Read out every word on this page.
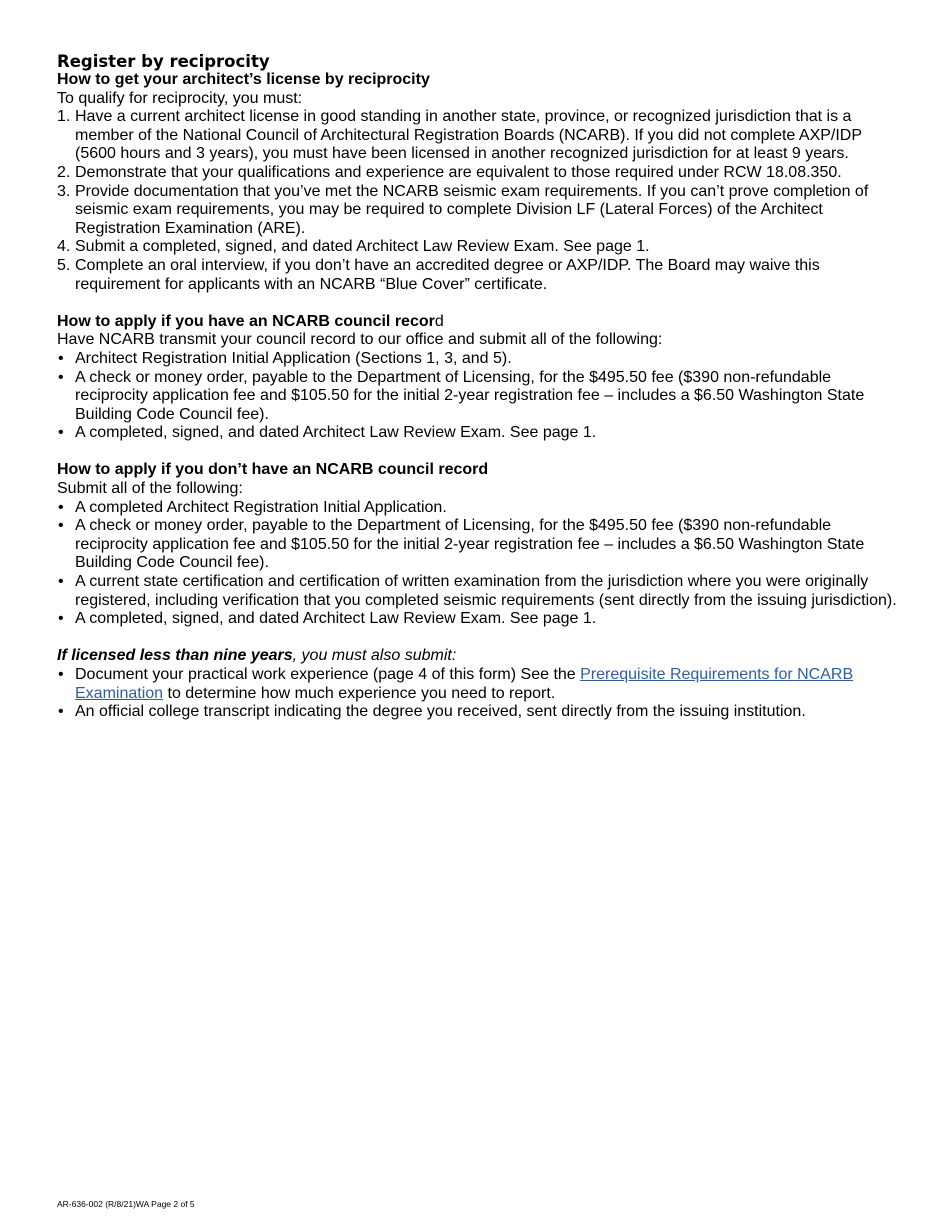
Register by reciprocity
How to get your architect’s license by reciprocity

To qualify for reciprocity, you must:

1. Have a current architect license in good standing in another state, province, or recognized jurisdiction that is a member of the National Council of Architectural Registration Boards (NCARB). If you did not complete AXP/IDP (5600 hours and 3 years), you must have been licensed in another recognized jurisdiction for at least 9 years.
2. Demonstrate that your qualifications and experience are equivalent to those required under RCW 18.08.350.
3. Provide documentation that you’ve met the NCARB seismic exam requirements. If you can’t prove completion of seismic exam requirements, you may be required to complete Division LF (Lateral Forces) of the Architect Registration Examination (ARE).
4. Submit a completed, signed, and dated Architect Law Review Exam. See page 1.
5. Complete an oral interview, if you don’t have an accredited degree or AXP/IDP. The Board may waive this requirement for applicants with an NCARB “Blue Cover” certificate.
How to apply if you have an NCARB council record

Have NCARB transmit your council record to our office and submit all of the following:

• Architect Registration Initial Application (Sections 1, 3, and 5).
• A check or money order, payable to the Department of Licensing, for the $495.50 fee ($390 non-refundable reciprocity application fee and $105.50 for the initial 2-year registration fee – includes a $6.50 Washington State Building Code Council fee).
• A completed, signed, and dated Architect Law Review Exam. See page 1.
How to apply if you don’t have an NCARB council record

Submit all of the following:

• A completed Architect Registration Initial Application.
• A check or money order, payable to the Department of Licensing, for the $495.50 fee ($390 non-refundable reciprocity application fee and $105.50 for the initial 2-year registration fee – includes a $6.50 Washington State Building Code Council fee).
• A current state certification and certification of written examination from the jurisdiction where you were originally registered, including verification that you completed seismic requirements (sent directly from the issuing jurisdiction).
• A completed, signed, and dated Architect Law Review Exam. See page 1.

If licensed less than nine years, you must also submit:

• Document your practical work experience (page 4 of this form) See the Prerequisite Requirements for NCARB Examination to determine how much experience you need to report.
• An official college transcript indicating the degree you received, sent directly from the issuing institution.
AR-636-002 (R/8/21)WA Page 2 of 5
